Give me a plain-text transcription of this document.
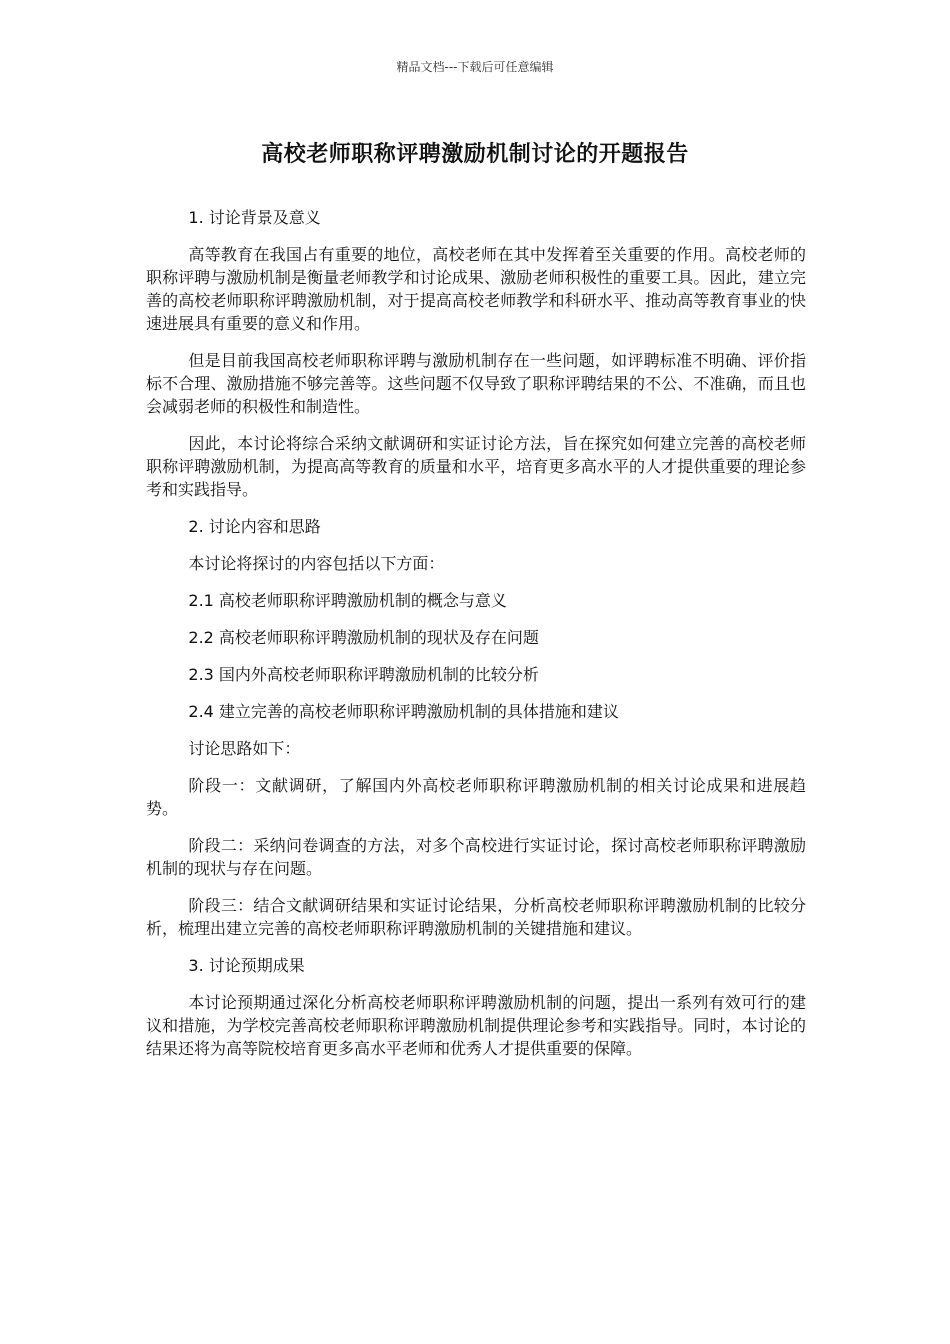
精品文档---下载后可任意编辑
高校老师职称评聘激励机制讨论的开题报告

1. 讨论背景及意义

高等教育在我国占有重要的地位，高校老师在其中发挥着至关重要的作用。高校老师的职称评聘与激励机制是衡量老师教学和讨论成果、激励老师积极性的重要工具。因此，建立完善的高校老师职称评聘激励机制，对于提高高校老师教学和科研水平、推动高等教育事业的快速进展具有重要的意义和作用。

但是目前我国高校老师职称评聘与激励机制存在一些问题，如评聘标准不明确、评价指标不合理、激励措施不够完善等。这些问题不仅导致了职称评聘结果的不公、不准确，而且也会减弱老师的积极性和制造性。

因此，本讨论将综合采纳文献调研和实证讨论方法，旨在探究如何建立完善的高校老师职称评聘激励机制，为提高高等教育的质量和水平，培育更多高水平的人才提供重要的理论参考和实践指导。

2. 讨论内容和思路

本讨论将探讨的内容包括以下方面：

2.1 高校老师职称评聘激励机制的概念与意义

2.2 高校老师职称评聘激励机制的现状及存在问题

2.3 国内外高校老师职称评聘激励机制的比较分析

2.4 建立完善的高校老师职称评聘激励机制的具体措施和建议

讨论思路如下：

阶段一：文献调研，了解国内外高校老师职称评聘激励机制的相关讨论成果和进展趋势。

阶段二：采纳问卷调查的方法，对多个高校进行实证讨论，探讨高校老师职称评聘激励机制的现状与存在问题。

阶段三：结合文献调研结果和实证讨论结果，分析高校老师职称评聘激励机制的比较分析，梳理出建立完善的高校老师职称评聘激励机制的关键措施和建议。

3. 讨论预期成果

本讨论预期通过深化分析高校老师职称评聘激励机制的问题，提出一系列有效可行的建议和措施，为学校完善高校老师职称评聘激励机制提供理论参考和实践指导。同时，本讨论的结果还将为高等院校培育更多高水平老师和优秀人才提供重要的保障。
